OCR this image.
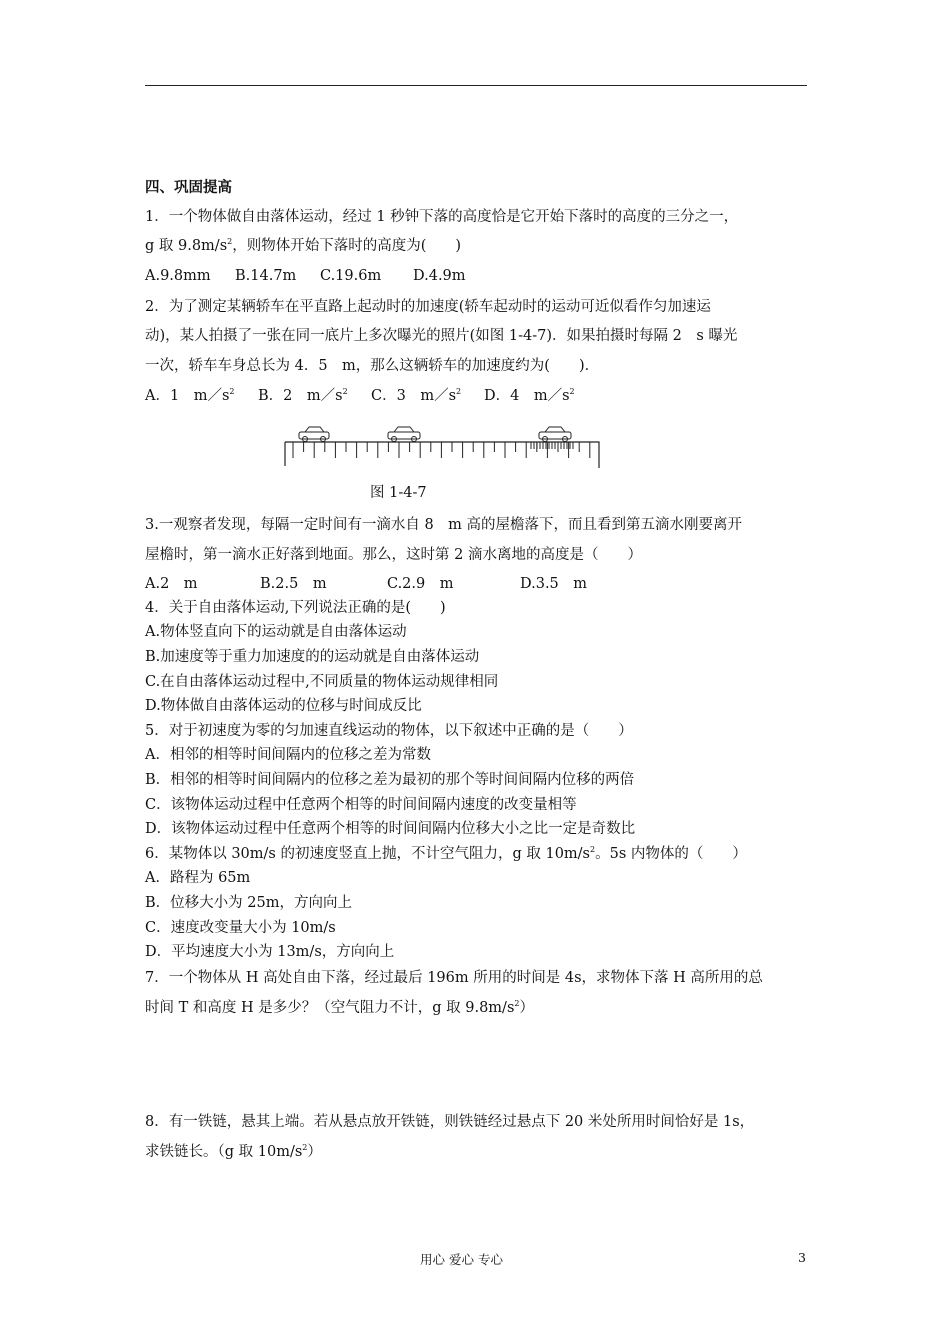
四、巩固提高
1．一个物体做自由落体运动，经过 1 秒钟下落的高度恰是它开始下落时的高度的三分之一，
g 取 $9.8m/s^2$，则物体开始下落时的高度为(　　)
A.9.8mm B.14.7m C.19.6m D.4.9m
2．为了测定某辆轿车在平直路上起动时的加速度(轿车起动时的运动可近似看作匀加速运
动)，某人拍摄了一张在同一底片上多次曝光的照片(如图 1-4-7)．如果拍摄时每隔 2　s 曝光
一次，轿车车身总长为 4．5　m，那么这辆轿车的加速度约为(　　)．
A．1　$m/s^2$ B．2　$m/s^2$ C．3　$m/s^2$ D．4　$m/s^2$
图 1-4-7
3.一观察者发现，每隔一定时间有一滴水自 8　m 高的屋檐落下，而且看到第五滴水刚要离开
屋檐时，第一滴水正好落到地面。那么，这时第 2 滴水离地的高度是（　　）
A.2　m	B.2.5　m	C.2.9　m	D.3.5　m
4．关于自由落体运动,下列说法正确的是(　　)
A.物体竖直向下的运动就是自由落体运动
B.加速度等于重力加速度的的运动就是自由落体运动
C.在自由落体运动过程中,不同质量的物体运动规律相同
D.物体做自由落体运动的位移与时间成反比
5．对于初速度为零的匀加速直线运动的物体，以下叙述中正确的是（　　）
A．相邻的相等时间间隔内的位移之差为常数
B．相邻的相等时间间隔内的位移之差为最初的那个等时间间隔内位移的两倍
C．该物体运动过程中任意两个相等的时间间隔内速度的改变量相等
D．该物体运动过程中任意两个相等的时间间隔内位移大小之比一定是奇数比
6．某物体以 30m/s 的初速度竖直上抛，不计空气阻力，g 取 $10m/s^2$。5s 内物体的（　　）
A．路程为 65m
B．位移大小为 25m，方向向上
C．速度改变量大小为 10m/s
D．平均速度大小为 13m/s，方向向上
7．一个物体从 H 高处自由下落，经过最后 196m 所用的时间是 4s，求物体下落 H 高所用的总
时间 T 和高度 H 是多少？（空气阻力不计，g 取 $9.8m/s^2$）
8．有一铁链，悬其上端。若从悬点放开铁链，则铁链经过悬点下 20 米处所用时间恰好是 1s，
求铁链长。（g 取 $10m/s^2$）
用心 爱心 专心	3
